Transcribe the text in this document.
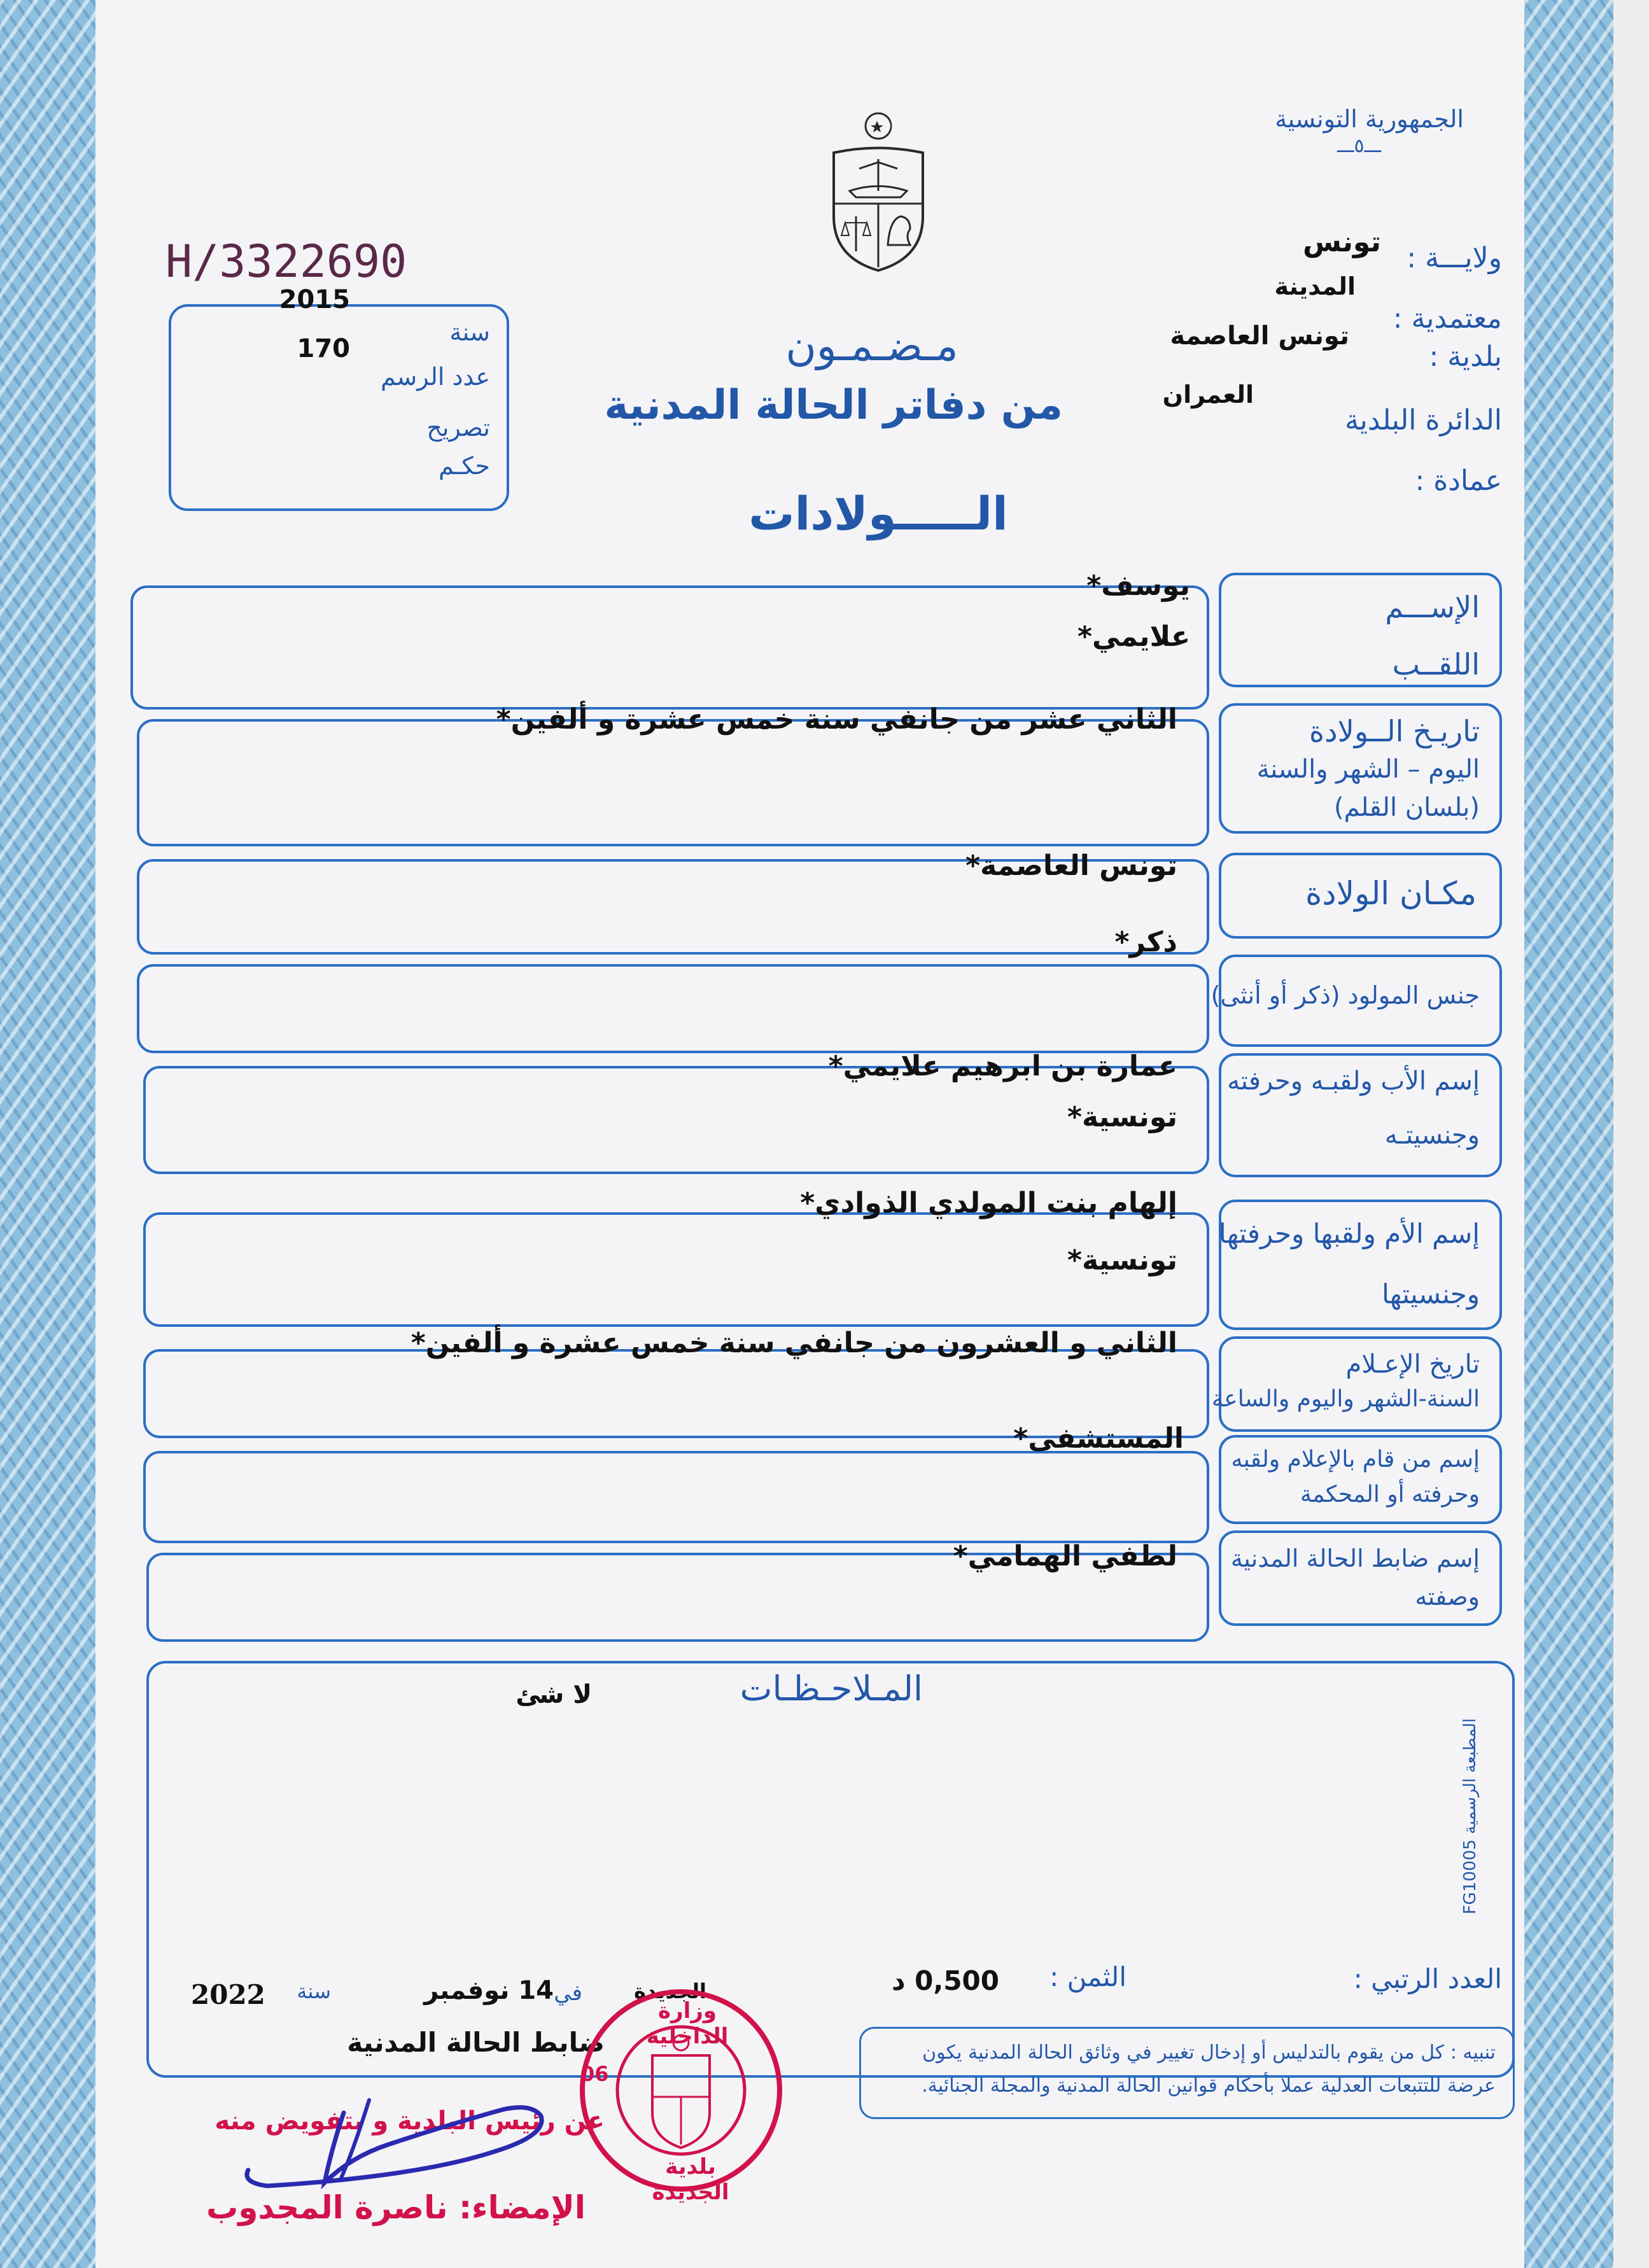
الجمهورية التونسية
ـــ٥ـــ
ولايـــة :
تونس
معتمدية :
المدينة
بلدية :
تونس العاصمة
الدائرة البلدية
العمران
عمادة :
H/3322690
2015
سنة
170
عدد الرسم
تصريح
حكـم
مـضـمـون
من دفاتر الحالة المدنية
الـــــولادات
الإســـم
اللقــب
تاريـخ الــولادة
اليوم – الشهر والسنة
(بلسان القلم)
مكـان الولادة
جنس المولود (ذكر أو أنثى)
إسم الأب ولقبـه وحرفته
وجنسيتـه
إسم الأم ولقبها وحرفتها
وجنسيتها
تاريخ الإعـلام
السنة-الشهر واليوم والساعة
إسم من قام بالإعلام ولقبه
وحرفته أو المحكمة
إسم ضابط الحالة المدنية
وصفته
يوسف*
علايمي*
الثاني عشر من جانفي سنة خمس عشرة و ألفين*
تونس العاصمة*
ذكر*
عمارة بن ابرهيم علايمي*
تونسية*
إلهام بنت المولدي الذوادي*
تونسية*
الثاني و العشرون من جانفي سنة خمس عشرة و ألفين*
المستشفى*
لطفي الهمامي*
المـلاحـظـات
لا شئ
المطبعة الرسمية FG10005
العدد الرتبي :
الثمن :
0,500 د
الجديدة
في
14 نوفمبر
سنة
2022
ضابط الحالة المدنية	تنبيه : كل من يقوم بالتدليس أو إدخال تغيير في وثائق الحالة المدنية يكون عرضة للتتبعات العدلية عملا بأحكام قوانين الحالة المدنية والمجلة الجنائية.
وزارة الداخلية
بلدية الجديدة
06
عن رئيس البلدية و بتفويض منه
الإمضاء: ناصرة المجدوب
